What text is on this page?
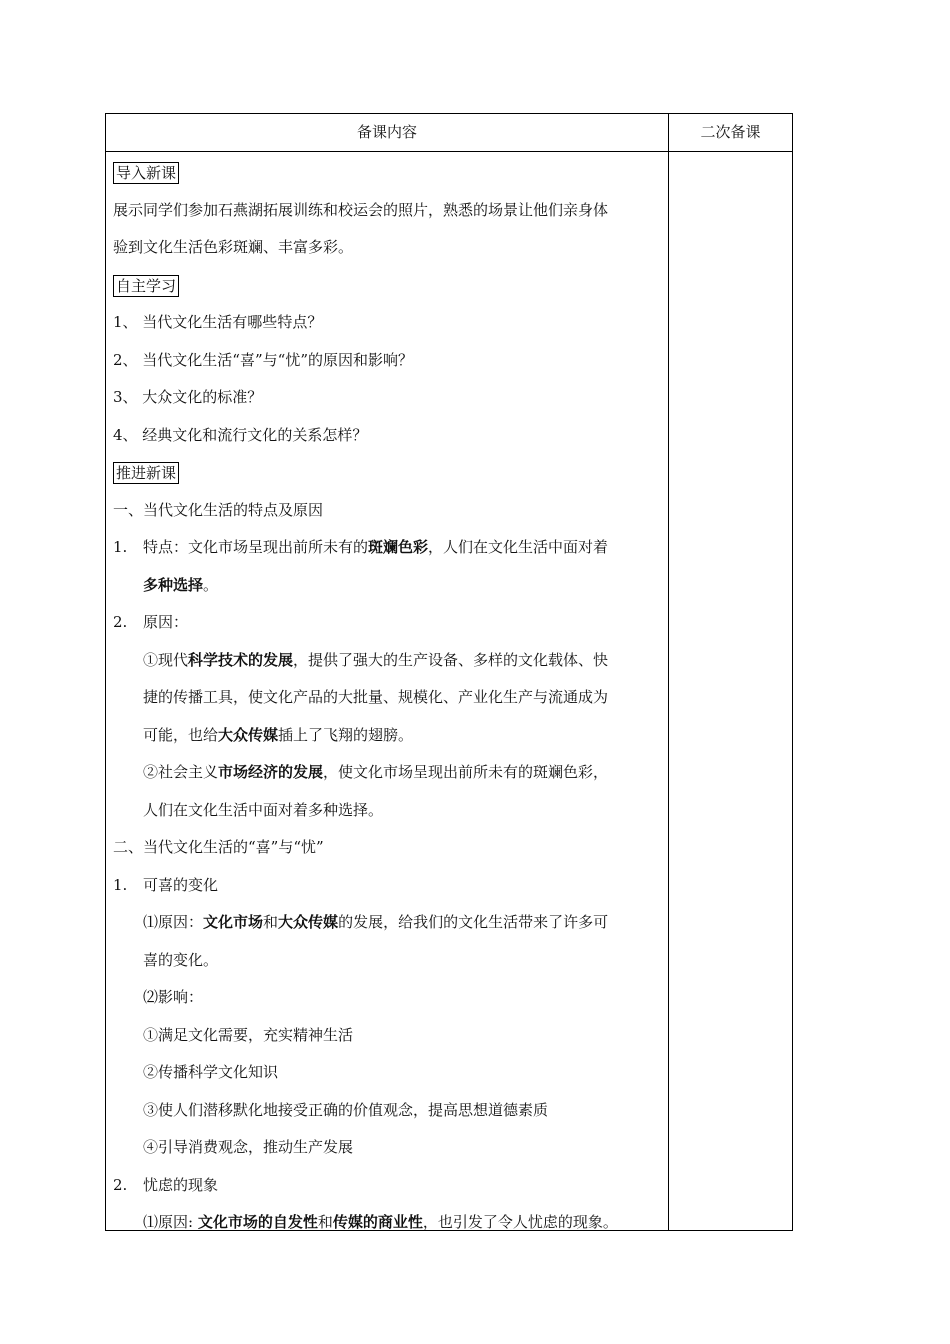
备课内容	二次备课
导入新课
展示同学们参加石燕湖拓展训练和校运会的照片，熟悉的场景让他们亲身体
验到文化生活色彩斑斓、丰富多彩。
自主学习
1、 当代文化生活有哪些特点？
2、 当代文化生活“喜”与“忧”的原因和影响？
3、 大众文化的标准？
4、 经典文化和流行文化的关系怎样？
推进新课
一、当代文化生活的特点及原因
1. 特点：文化市场呈现出前所未有的斑斓色彩，人们在文化生活中面对着
多种选择。
2. 原因：
①现代科学技术的发展，提供了强大的生产设备、多样的文化载体、快
捷的传播工具，使文化产品的大批量、规模化、产业化生产与流通成为
可能，也给大众传媒插上了飞翔的翅膀。
②社会主义市场经济的发展，使文化市场呈现出前所未有的斑斓色彩，
人们在文化生活中面对着多种选择。
二、当代文化生活的“喜”与“忧”
1. 可喜的变化
⑴原因：文化市场和大众传媒的发展，给我们的文化生活带来了许多可
喜的变化。
⑵影响：
①满足文化需要，充实精神生活
②传播科学文化知识
③使人们潜移默化地接受正确的价值观念，提高思想道德素质
④引导消费观念，推动生产发展
2. 忧虑的现象
⑴原因: 文化市场的自发性和传媒的商业性，也引发了令人忧虑的现象。
